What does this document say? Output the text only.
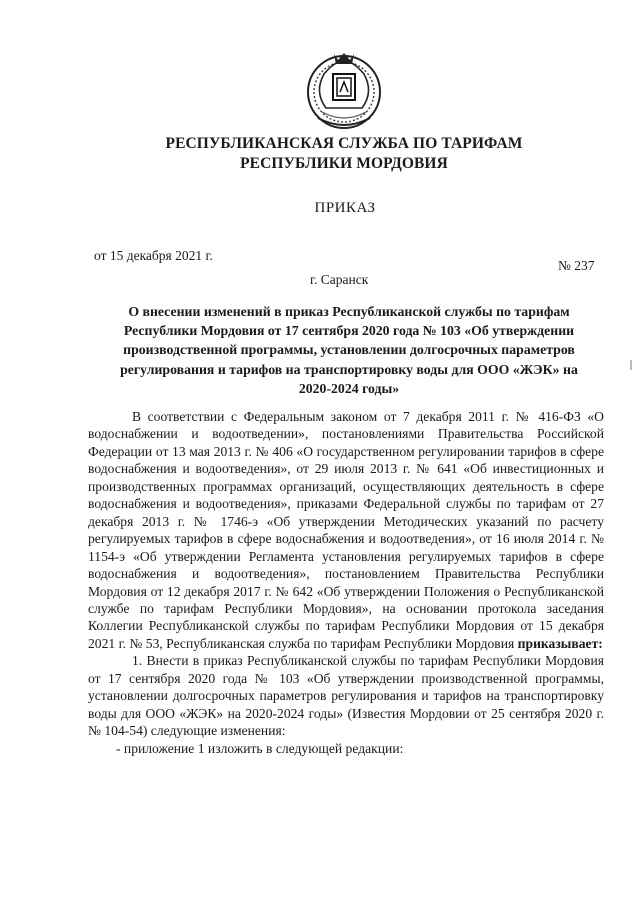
РЕСПУБЛИКАНСКАЯ СЛУЖБА ПО ТАРИФАМ
РЕСПУБЛИКИ МОРДОВИЯ
ПРИКАЗ
от 15 декабря 2021 г.
№ 237
г. Саранск
О внесении изменений в приказ Республиканской службы по тарифам Республики Мордовия от 17 сентября 2020 года № 103 «Об утверждении производственной программы, установлении долгосрочных параметров регулирования и тарифов на транспортировку воды для ООО «ЖЭК» на 2020-2024 годы»

В соответствии с Федеральным законом от 7 декабря 2011 г. № 416-ФЗ «О водоснабжении и водоотведении», постановлениями Правительства Российской Федерации от 13 мая 2013 г. № 406 «О государственном регулировании тарифов в сфере водоснабжения и водоотведения», от 29 июля 2013 г. № 641 «Об инвестиционных и производственных программах организаций, осуществляющих деятельность в сфере водоснабжения и водоотведения», приказами Федеральной службы по тарифам от 27 декабря 2013 г. № 1746-э «Об утверждении Методических указаний по расчету регулируемых тарифов в сфере водоснабжения и водоотведения», от 16 июля 2014 г. № 1154-э «Об утверждении Регламента установления регулируемых тарифов в сфере водоснабжения и водоотведения», постановлением Правительства Республики Мордовия от 12 декабря 2017 г. № 642 «Об утверждении Положения о Республиканской службе по тарифам Республики Мордовия», на основании протокола заседания Коллегии Республиканской службы по тарифам Республики Мордовия от 15 декабря 2021 г. № 53, Республиканская служба по тарифам Республики Мордовия приказывает:

1. Внести в приказ Республиканской службы по тарифам Республики Мордовия от 17 сентября 2020 года № 103 «Об утверждении производственной программы, установлении долгосрочных параметров регулирования и тарифов на транспортировку воды для ООО «ЖЭК» на 2020-2024 годы» (Известия Мордовии от 25 сентября 2020 г. № 104-54) следующие изменения:

- приложение 1 изложить в следующей редакции:
